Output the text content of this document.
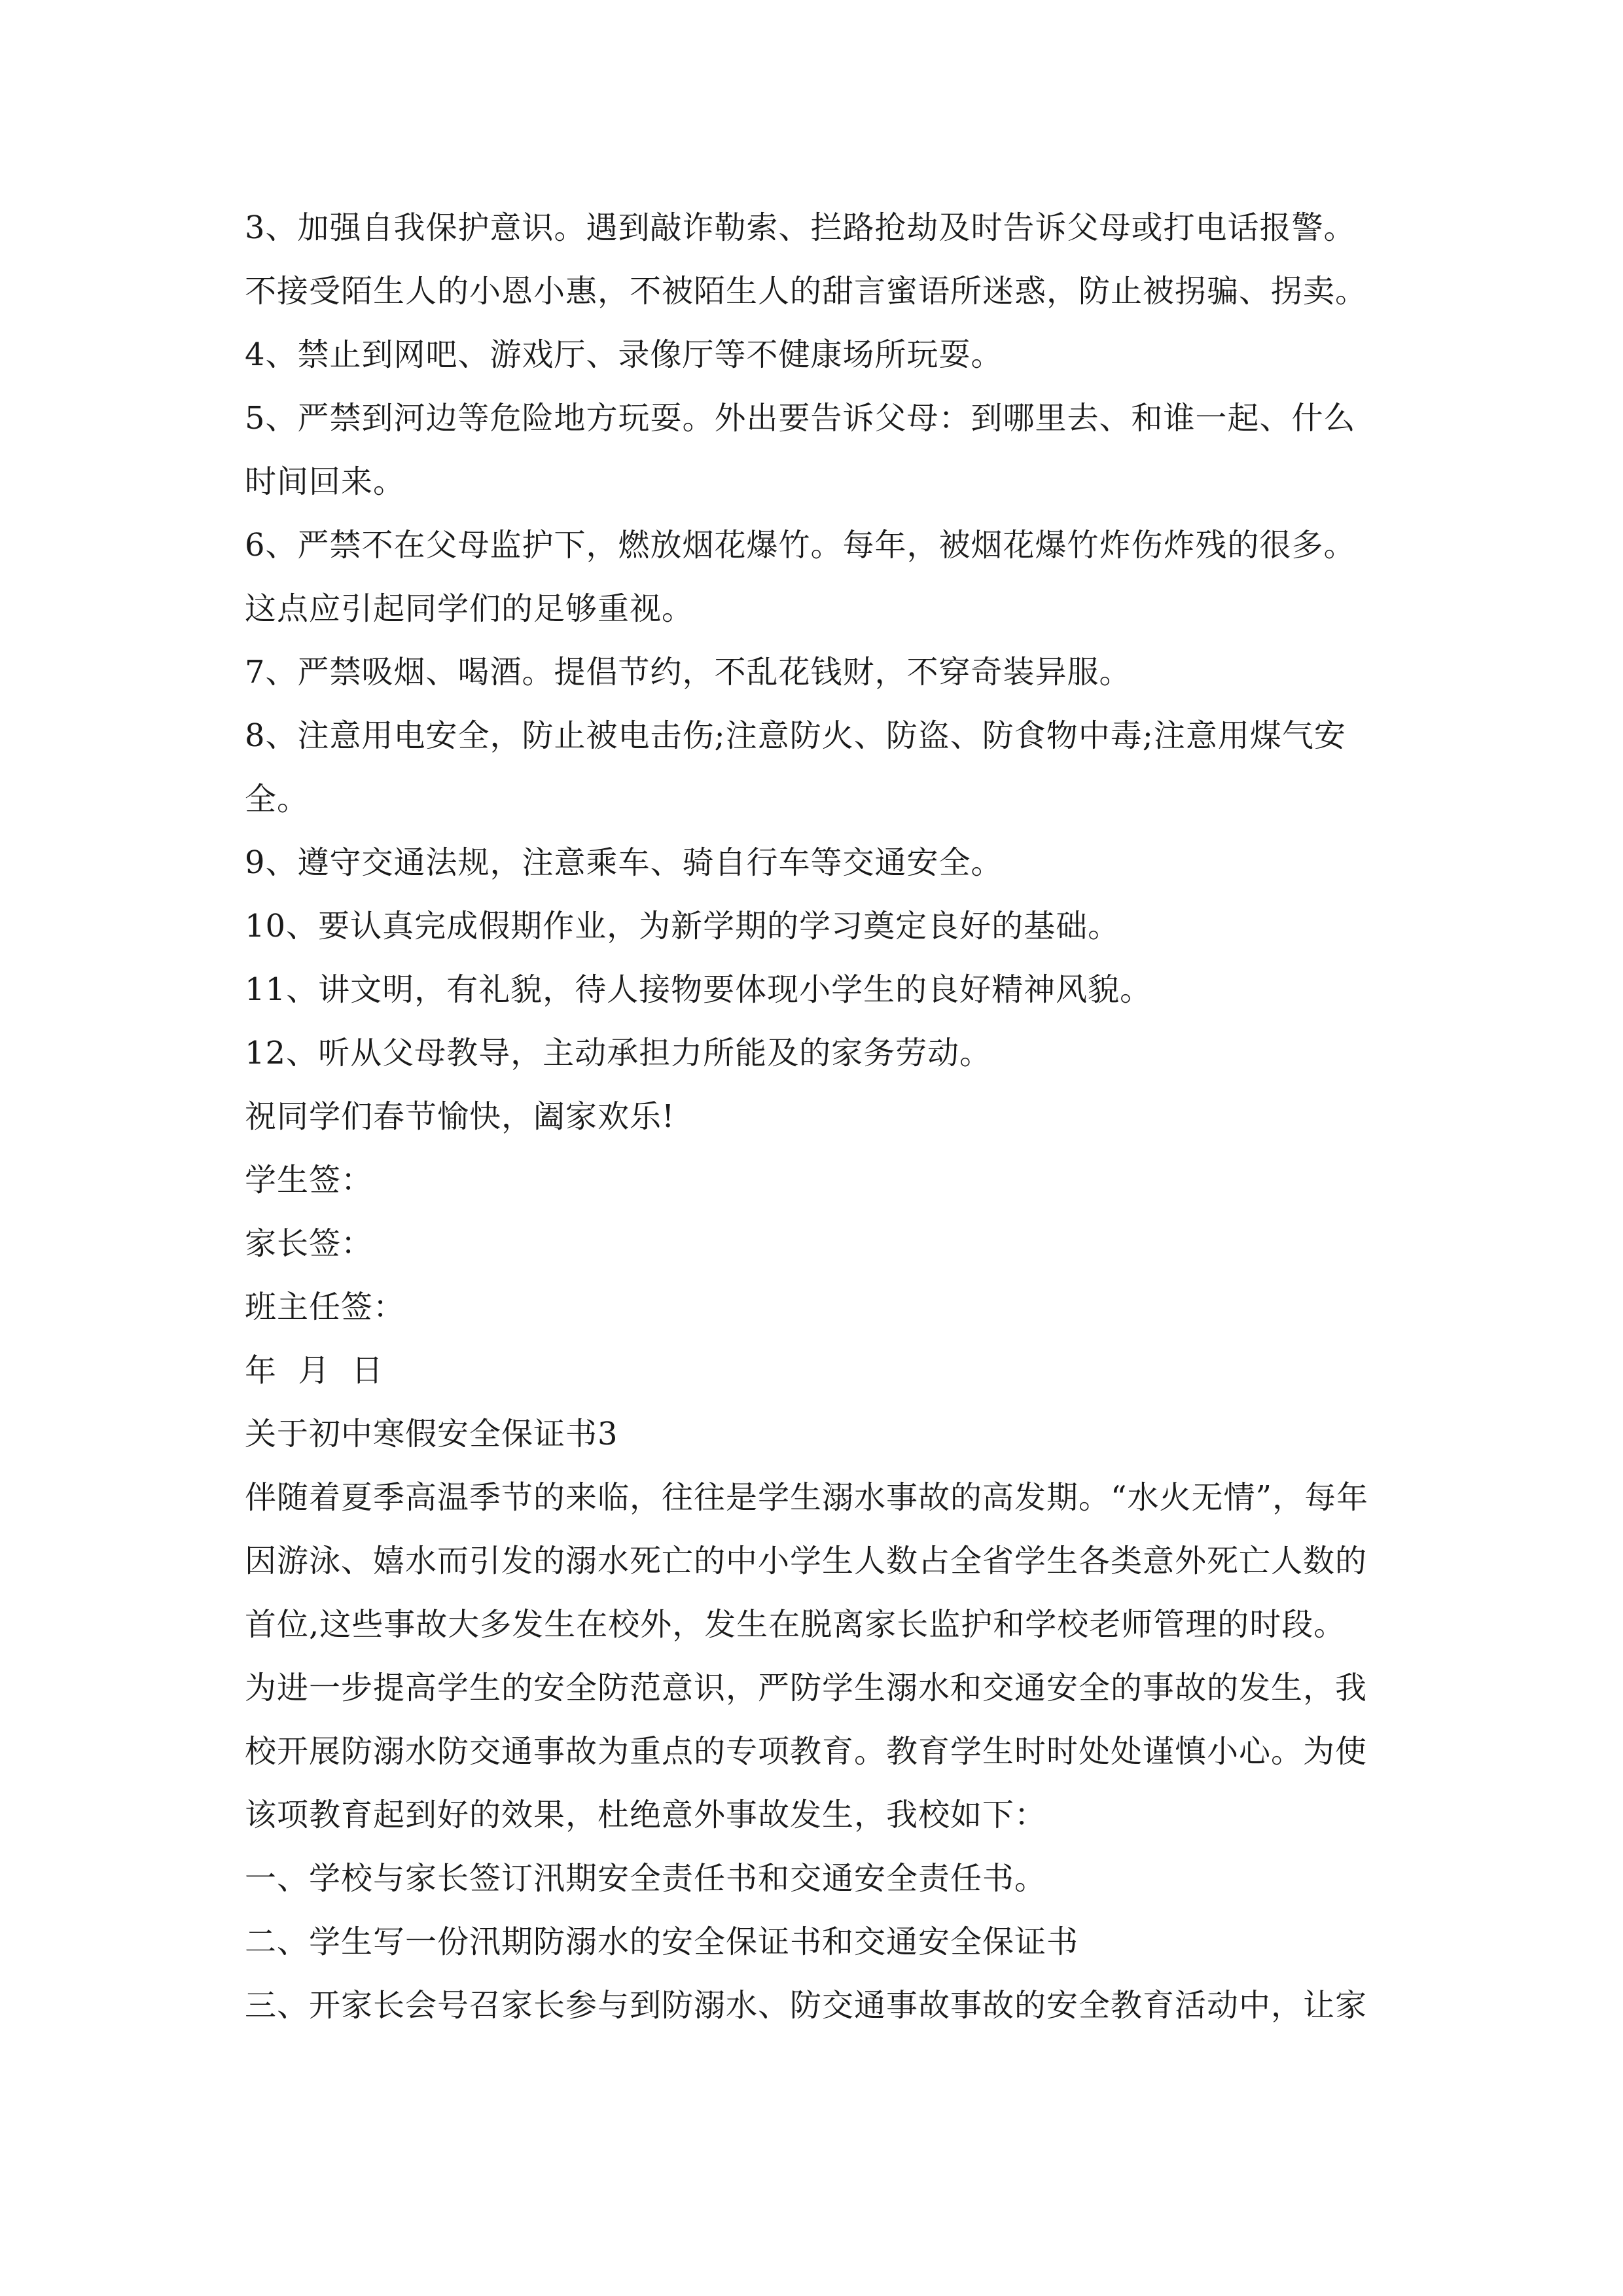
3、加强自我保护意识。遇到敲诈勒索、拦路抢劫及时告诉父母或打电话报警。
不接受陌生人的小恩小惠，不被陌生人的甜言蜜语所迷惑，防止被拐骗、拐卖。
4、禁止到网吧、游戏厅、录像厅等不健康场所玩耍。
5、严禁到河边等危险地方玩耍。外出要告诉父母：到哪里去、和谁一起、什么
时间回来。
6、严禁不在父母监护下，燃放烟花爆竹。每年，被烟花爆竹炸伤炸残的很多。
这点应引起同学们的足够重视。
7、严禁吸烟、喝酒。提倡节约，不乱花钱财，不穿奇装异服。
8、注意用电安全，防止被电击伤;注意防火、防盗、防食物中毒;注意用煤气安
全。
9、遵守交通法规，注意乘车、骑自行车等交通安全。
10、要认真完成假期作业，为新学期的学习奠定良好的基础。
11、讲文明，有礼貌，待人接物要体现小学生的良好精神风貌。
12、听从父母教导，主动承担力所能及的家务劳动。
祝同学们春节愉快，阖家欢乐!
学生签：
家长签：
班主任签：
年  月  日
关于初中寒假安全保证书3
伴随着夏季高温季节的来临，往往是学生溺水事故的高发期。“水火无情”，每年
因游泳、嬉水而引发的溺水死亡的中小学生人数占全省学生各类意外死亡人数的
首位,这些事故大多发生在校外，发生在脱离家长监护和学校老师管理的时段。
为进一步提高学生的安全防范意识，严防学生溺水和交通安全的事故的发生，我
校开展防溺水防交通事故为重点的专项教育。教育学生时时处处谨慎小心。为使
该项教育起到好的效果，杜绝意外事故发生，我校如下：
一、学校与家长签订汛期安全责任书和交通安全责任书。
二、学生写一份汛期防溺水的安全保证书和交通安全保证书
三、开家长会号召家长参与到防溺水、防交通事故事故的安全教育活动中，让家
